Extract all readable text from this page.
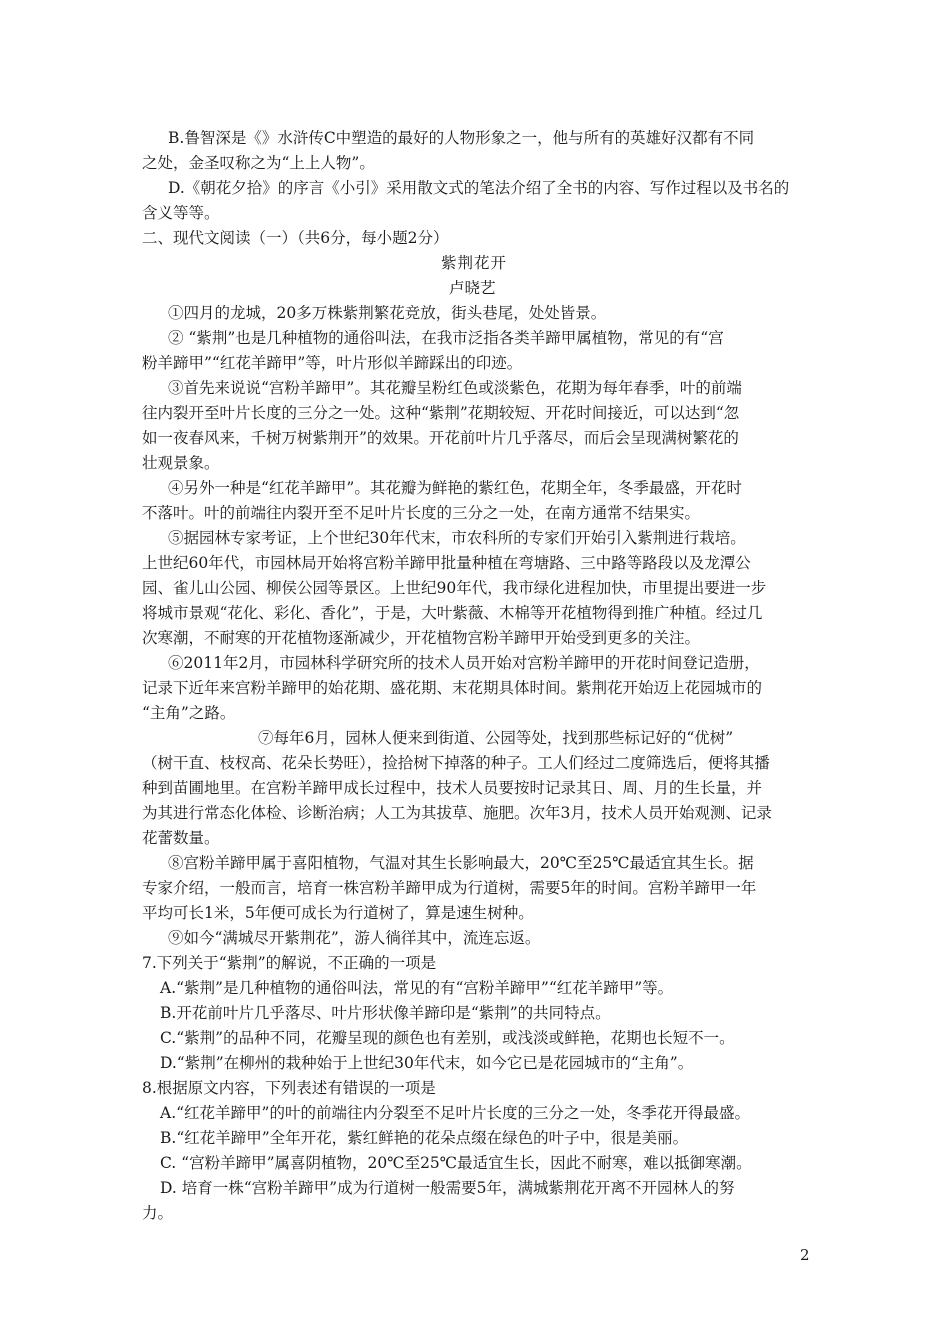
B.鲁智深是《》水浒传C中塑造的最好的人物形象之一，他与所有的英雄好汉都有不同
之处，金圣叹称之为“上上人物”。
D.《朝花夕拾》的序言《小引》采用散文式的笔法介绍了全书的内容、写作过程以及书名的
含义等等。
二、现代文阅读（一）（共6分，每小题2分）
紫荆花开
卢晓艺
①四月的龙城，20多万株紫荆繁花竞放，街头巷尾，处处皆景。
② “紫荆”也是几种植物的通俗叫法，在我市泛指各类羊蹄甲属植物，常见的有“宫
粉羊蹄甲”“红花羊蹄甲”等，叶片形似羊蹄踩出的印迹。
③首先来说说“宫粉羊蹄甲”。其花瓣呈粉红色或淡紫色，花期为每年春季，叶的前端
往内裂开至叶片长度的三分之一处。这种“紫荆”花期较短、开花时间接近，可以达到“忽
如一夜春风来，千树万树紫荆开”的效果。开花前叶片几乎落尽，而后会呈现满树繁花的
壮观景象。
④另外一种是“红花羊蹄甲”。其花瓣为鲜艳的紫红色，花期全年，冬季最盛，开花时
不落叶。叶的前端往内裂开至不足叶片长度的三分之一处，在南方通常不结果实。
⑤据园林专家考证，上个世纪30年代末，市农科所的专家们开始引入紫荆进行栽培。
上世纪60年代，市园林局开始将宫粉羊蹄甲批量种植在弯塘路、三中路等路段以及龙潭公
园、雀儿山公园、柳侯公园等景区。上世纪90年代，我市绿化进程加快，市里提出要进一步
将城市景观“花化、彩化、香化”，于是，大叶紫薇、木棉等开花植物得到推广种植。经过几
次寒潮，不耐寒的开花植物逐渐减少，开花植物宫粉羊蹄甲开始受到更多的关注。
⑥2011年2月，市园林科学研究所的技术人员开始对宫粉羊蹄甲的开花时间登记造册，
记录下近年来宫粉羊蹄甲的始花期、盛花期、末花期具体时间。紫荆花开始迈上花园城市的
“主角”之路。
⑦每年6月，园林人便来到街道、公园等处，找到那些标记好的“优树”
（树干直、枝杈高、花朵长势旺），捡拾树下掉落的种子。工人们经过二度筛选后，便将其播
种到苗圃地里。在宫粉羊蹄甲成长过程中，技术人员要按时记录其日、周、月的生长量，并
为其进行常态化体检、诊断治病；人工为其拔草、施肥。次年3月，技术人员开始观测、记录
花蕾数量。
⑧宫粉羊蹄甲属于喜阳植物，气温对其生长影响最大，20℃至25℃最适宜其生长。据
专家介绍，一般而言，培育一株宫粉羊蹄甲成为行道树，需要5年的时间。宫粉羊蹄甲一年
平均可长1米，5年便可成长为行道树了，算是速生树种。
⑨如今“满城尽开紫荆花”，游人徜徉其中，流连忘返。
7.下列关于“紫荆”的解说，不正确的一项是
A.“紫荆”是几种植物的通俗叫法，常见的有“宫粉羊蹄甲”“红花羊蹄甲”等。
B.开花前叶片几乎落尽、叶片形状像羊蹄印是“紫荆”的共同特点。
C.“紫荆”的品种不同，花瓣呈现的颜色也有差别，或浅淡或鲜艳，花期也长短不一。
D.“紫荆”在柳州的栽种始于上世纪30年代末，如今它已是花园城市的“主角”。
8.根据原文内容，下列表述有错误的一项是
A.“红花羊蹄甲”的叶的前端往内分裂至不足叶片长度的三分之一处，冬季花开得最盛。
B.“红花羊蹄甲”全年开花，紫红鲜艳的花朵点缀在绿色的叶子中，很是美丽。
C. “宫粉羊蹄甲”属喜阴植物，20℃至25℃最适宜生长，因此不耐寒，难以抵御寒潮。
D. 培育一株“宫粉羊蹄甲”成为行道树一般需要5年，满城紫荆花开离不开园林人的努
力。
2
